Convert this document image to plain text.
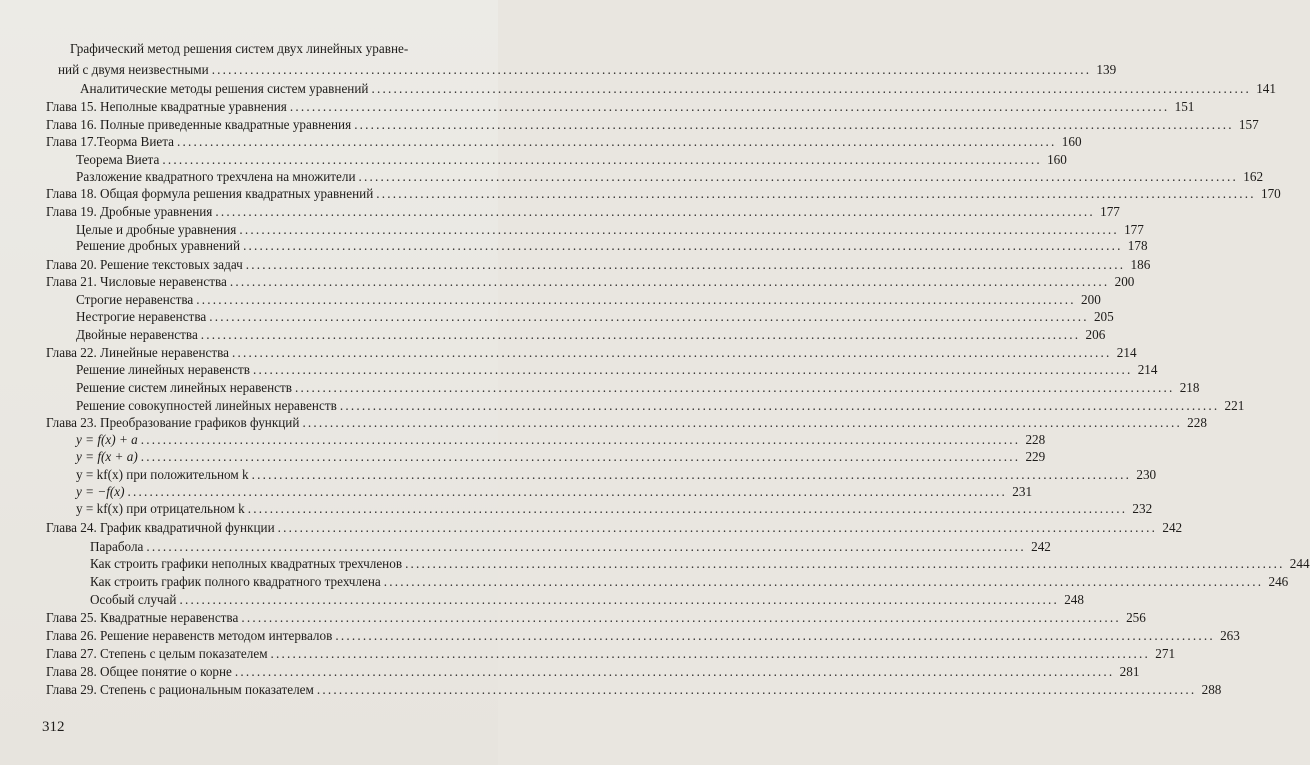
Графический метод решения систем двух линейных уравне-
ний с двумя неизвестными ................................................................................................................................................................ 139
Аналитические методы решения систем уравнений ................................................................................................................................................................ 141
Глава 15. Неполные квадратные уравнения ................................................................................................................................................................ 151
Глава 16. Полные приведенные квадратные уравнения ................................................................................................................................................................ 157
Глава 17.Теорма Виета ................................................................................................................................................................ 160
Теорема Виета ................................................................................................................................................................ 160
Разложение квадратного трехчлена на множители ................................................................................................................................................................ 162
Глава 18. Общая формула решения квадратных уравнений ................................................................................................................................................................ 170
Глава 19. Дробные уравнения ................................................................................................................................................................ 177
Целые и дробные уравнения ................................................................................................................................................................ 177
Решение дробных уравнений ................................................................................................................................................................ 178
Глава 20. Решение текстовых задач ................................................................................................................................................................ 186
Глава 21. Числовые неравенства ................................................................................................................................................................ 200
Строгие неравенства ................................................................................................................................................................ 200
Нестрогие неравенства ................................................................................................................................................................ 205
Двойные неравенства ................................................................................................................................................................ 206
Глава 22. Линейные неравенства ................................................................................................................................................................ 214
Решение линейных неравенств ................................................................................................................................................................ 214
Решение систем линейных неравенств ................................................................................................................................................................ 218
Решение совокупностей линейных неравенств ................................................................................................................................................................ 221
Глава 23. Преобразование графиков функций ................................................................................................................................................................ 228
y = f(x) + a ................................................................................................................................................................ 228
y = f(x + a) ................................................................................................................................................................ 229
y = kf(x) при положительном k ................................................................................................................................................................ 230
y = −f(x) ................................................................................................................................................................ 231
y = kf(x) при отрицательном k ................................................................................................................................................................ 232
Глава 24. График квадратичной функции ................................................................................................................................................................ 242
Парабола ................................................................................................................................................................ 242
Как строить графики неполных квадратных трехчленов ................................................................................................................................................................ 244
Как строить график полного квадратного трехчлена ................................................................................................................................................................ 246
Особый случай ................................................................................................................................................................ 248
Глава 25. Квадратные неравенства ................................................................................................................................................................ 256
Глава 26. Решение неравенств методом интервалов ................................................................................................................................................................ 263
Глава 27. Степень с целым показателем ................................................................................................................................................................ 271
Глава 28. Общее понятие о корне ................................................................................................................................................................ 281
Глава 29. Степень с рациональным показателем ................................................................................................................................................................ 288
312
